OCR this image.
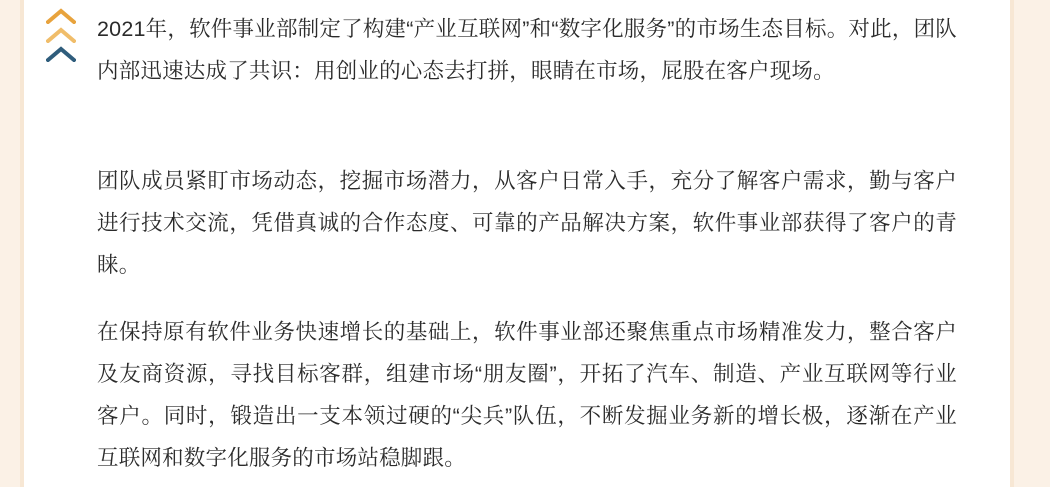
2021年，软件事业部制定了构建“产业互联网”和“数字化服务”的市场生态目标。对此，团队内部迅速达成了共识：用创业的心态去打拼，眼睛在市场，屁股在客户现场。

团队成员紧盯市场动态，挖掘市场潜力，从客户日常入手，充分了解客户需求，勤与客户进行技术交流，凭借真诚的合作态度、可靠的产品解决方案，软件事业部获得了客户的青睐。

在保持原有软件业务快速增长的基础上，软件事业部还聚焦重点市场精准发力，整合客户及友商资源，寻找目标客群，组建市场“朋友圈”，开拓了汽车、制造、产业互联网等行业客户。同时，锻造出一支本领过硬的“尖兵”队伍，不断发掘业务新的增长极，逐渐在产业互联网和数字化服务的市场站稳脚跟。
